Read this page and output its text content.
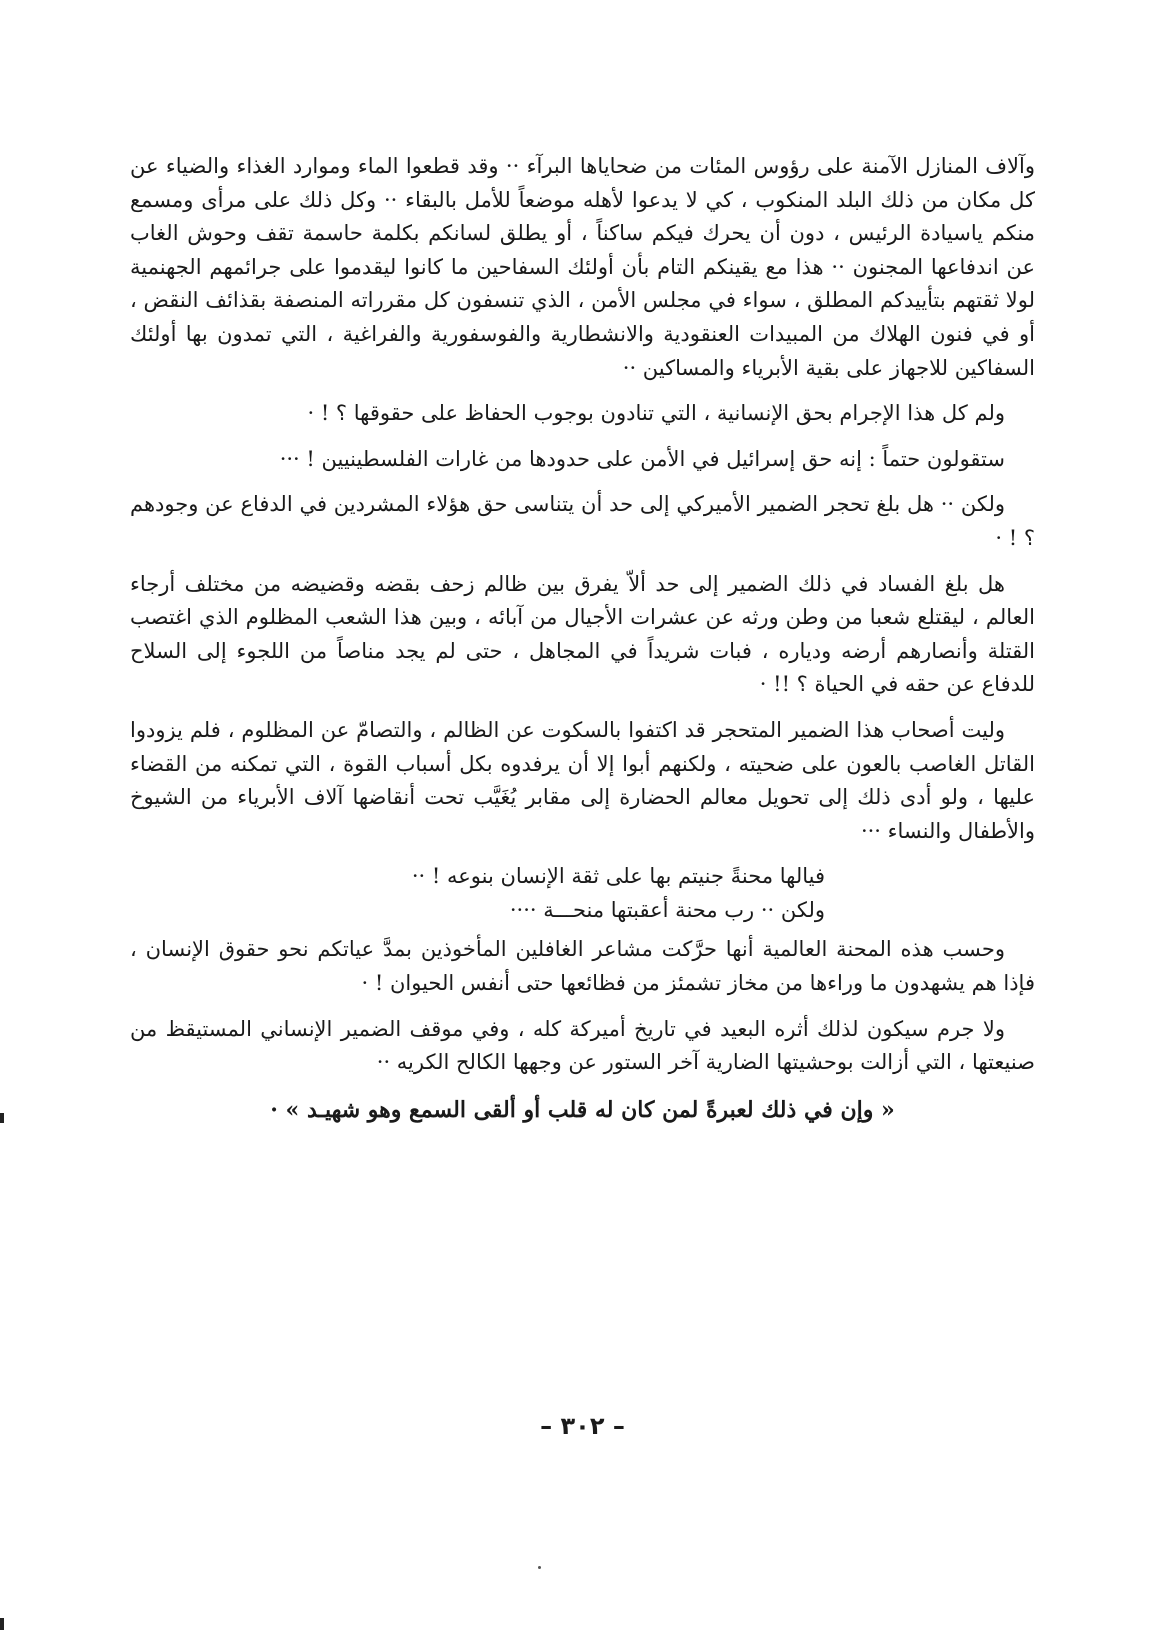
وآلاف المنازل الآمنة على رؤوس المئات من ضحاياها البرآء ·· وقد قطعوا الماء وموارد الغذاء والضياء عن كل مكان من ذلك البلد المنكوب ، كي لا يدعوا لأهله موضعاً للأمل بالبقاء ·· وكل ذلك على مرأى ومسمع منكم ياسيادة الرئيس ، دون أن يحرك فيكم ساكناً ، أو يطلق لسانكم بكلمة حاسمة تقف وحوش الغاب عن اندفاعها المجنون ·· هذا مع يقينكم التام بأن أولئك السفاحين ما كانوا ليقدموا على جرائمهم الجهنمية لولا ثقتهم بتأييدكم المطلق ، سواء في مجلس الأمن ، الذي تنسفون كل مقرراته المنصفة بقذائف النقض ، أو في فنون الهلاك من المبيدات العنقودية والانشطارية والفوسفورية والفراغية ، التي تمدون بها أولئك السفاكين للاجهاز على بقية الأبرياء والمساكين ··

ولم كل هذا الإجرام بحق الإنسانية ، التي تنادون بوجوب الحفاظ على حقوقها ؟ ! ·

ستقولون حتماً : إنه حق إسرائيل في الأمن على حدودها من غارات الفلسطينيين ! ···

ولكن ·· هل بلغ تحجر الضمير الأميركي إلى حد أن يتناسى حق هؤلاء المشردين في الدفاع عن وجودهم ؟ ! ·

هل بلغ الفساد في ذلك الضمير إلى حد ألاّ يفرق بين ظالم زحف بقضه وقضيضه من مختلف أرجاء العالم ، ليقتلع شعبا من وطن ورثه عن عشرات الأجيال من آبائه ، وبين هذا الشعب المظلوم الذي اغتصب القتلة وأنصارهم أرضه ودياره ، فبات شريداً في المجاهل ، حتى لم يجد مناصاً من اللجوء إلى السلاح للدفاع عن حقه في الحياة ؟ !! ·

وليت أصحاب هذا الضمير المتحجر قد اكتفوا بالسكوت عن الظالم ، والتصامّ عن المظلوم ، فلم يزودوا القاتل الغاصب بالعون على ضحيته ، ولكنهم أبوا إلا أن يرفدوه بكل أسباب القوة ، التي تمكنه من القضاء عليها ، ولو أدى ذلك إلى تحويل معالم الحضارة إلى مقابر يُغَيَّب تحت أنقاضها آلاف الأبرياء من الشيوخ والأطفال والنساء ···

فيالها محنةً جنيتم بها على ثقة الإنسان بنوعه ! ··
ولكن ·· رب محنة أعقبتها منحـــة ····

وحسب هذه المحنة العالمية أنها حرَّكت مشاعر الغافلين المأخوذين بمدَّ عياتكم نحو حقوق الإنسان ، فإذا هم يشهدون ما وراءها من مخاز تشمئز من فظائعها حتى أنفس الحيوان ! ·

ولا جرم سيكون لذلك أثره البعيد في تاريخ أميركة كله ، وفي موقف الضمير الإنساني المستيقظ من صنيعتها ، التي أزالت بوحشيتها الضارية آخر الستور عن وجهها الكالح الكريه ··

« وإن في ذلك لعبرةً لمن كان له قلب أو ألقى السمع وهو شهيـد » ·

– ٣٠٢ –
